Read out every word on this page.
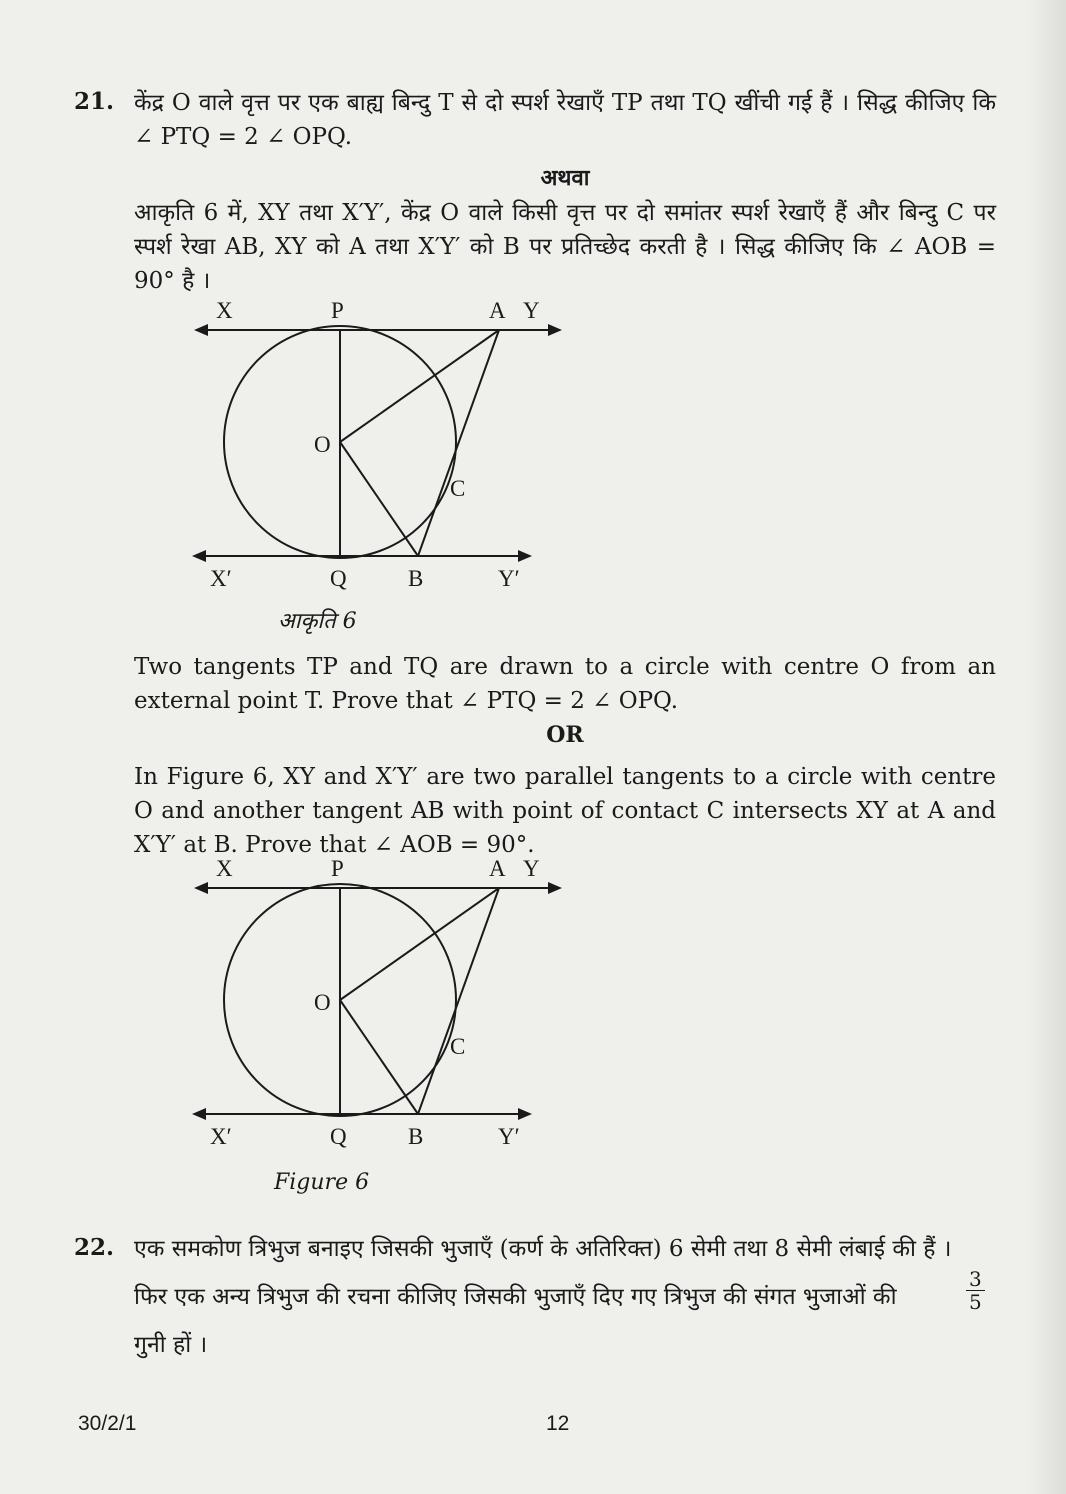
21. केंद्र O वाले वृत्त पर एक बाह्य बिन्दु T से दो स्पर्श रेखाएँ TP तथा TQ खींची गई हैं । सिद्ध कीजिए कि ∠ PTQ = 2 ∠ OPQ.
अथवा
आकृति 6 में, XY तथा X′Y′, केंद्र O वाले किसी वृत्त पर दो समांतर स्पर्श रेखाएँ हैं और बिन्दु C पर स्पर्श रेखा AB, XY को A तथा X′Y′ को B पर प्रतिच्छेद करती है । सिद्ध कीजिए कि ∠ AOB = 90° है ।
X	P	A Y
O
C
X′	Q	B	Y′
आकृति 6
Two tangents TP and TQ are drawn to a circle with centre O from an external point T. Prove that ∠ PTQ = 2 ∠ OPQ.
OR
In Figure 6, XY and X′Y′ are two parallel tangents to a circle with centre O and another tangent AB with point of contact C intersects XY at A and X′Y′ at B. Prove that ∠ AOB = 90°.
X	P	A Y
O
C
X′	Q	B	Y′
Figure 6
22. एक समकोण त्रिभुज बनाइए जिसकी भुजाएँ (कर्ण के अतिरिक्त) 6 सेमी तथा 8 सेमी लंबाई की हैं ।
फिर एक अन्य त्रिभुज की रचना कीजिए जिसकी भुजाएँ दिए गए त्रिभुज की संगत भुजाओं की	$\frac{3}{5}$
गुनी हों ।
30/2/1	12
